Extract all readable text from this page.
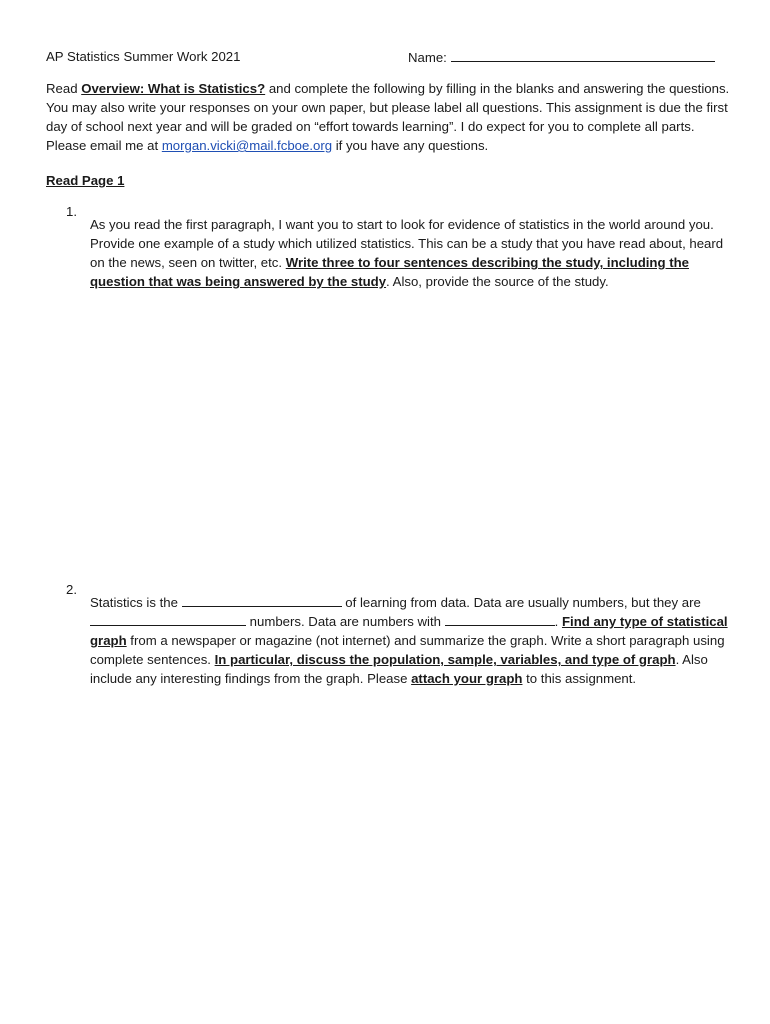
AP Statistics Summer Work 2021	Name:

Read Overview: What is Statistics? and complete the following by filling in the blanks and answering the questions. You may also write your responses on your own paper, but please label all questions. This assignment is due the first day of school next year and will be graded on “effort towards learning”. I do expect for you to complete all parts. Please email me at morgan.vicki@mail.fcboe.org if you have any questions.

Read Page 1
1.

As you read the first paragraph, I want you to start to look for evidence of statistics in the world around you. Provide one example of a study which utilized statistics. This can be a study that you have read about, heard on the news, seen on twitter, etc. Write three to four sentences describing the study, including the question that was being answered by the study. Also, provide the source of the study.

2.

Statistics is the	of learning from data. Data are usually numbers, but they are  numbers. Data are numbers with	. Find any type of statistical graph from a newspaper or magazine (not internet) and summarize the graph. Write a short paragraph using complete sentences. In particular, discuss the population, sample, variables, and type of graph. Also include any interesting findings from the graph. Please attach your graph to this assignment.
